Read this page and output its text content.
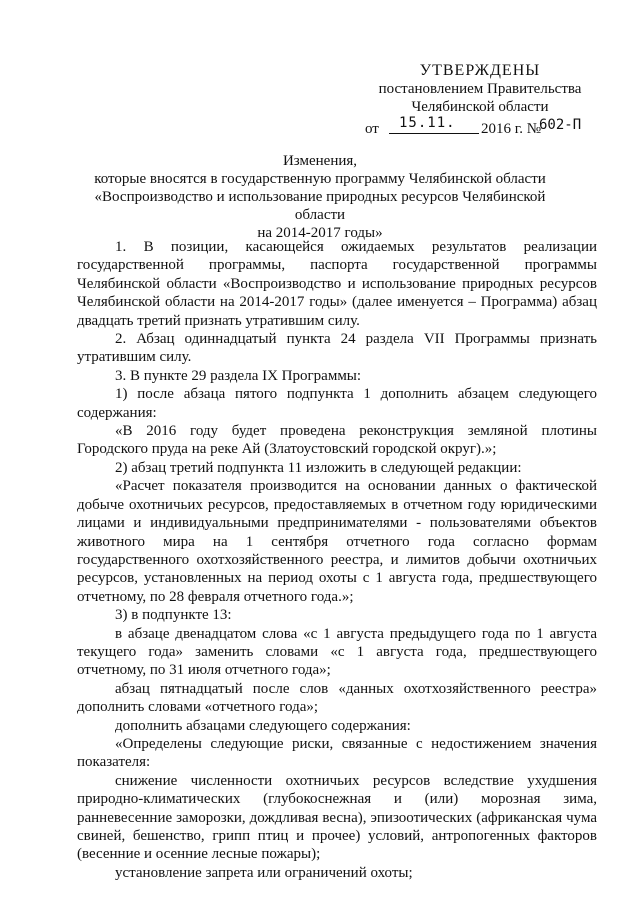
УТВЕРЖДЕНЫ
постановлением Правительства
Челябинской области
от 15.11. 2016 г. №
602-П
Изменения,
которые вносятся в государственную программу Челябинской области
«Воспроизводство и использование природных ресурсов Челябинской области
на 2014-2017 годы»

1. В позиции, касающейся ожидаемых результатов реализации государственной программы, паспорта государственной программы Челябинской области «Воспроизводство и использование природных ресурсов Челябинской области на 2014-2017 годы» (далее именуется – Программа) абзац двадцать третий признать утратившим силу.

2. Абзац одиннадцатый пункта 24 раздела VII Программы признать утратившим силу.

3. В пункте 29 раздела IX Программы:

1) после абзаца пятого подпункта 1 дополнить абзацем следующего содержания:

«В 2016 году будет проведена реконструкция земляной плотины Городского пруда на реке Ай (Златоустовский городской округ).»;

2) абзац третий подпункта 11 изложить в следующей редакции:

«Расчет показателя производится на основании данных о фактической добыче охотничьих ресурсов, предоставляемых в отчетном году юридическими лицами и индивидуальными предпринимателями - пользователями объектов животного мира на 1 сентября отчетного года согласно формам государственного охотхозяйственного реестра, и лимитов добычи охотничьих ресурсов, установленных на период охоты с 1 августа года, предшествующего отчетному, по 28 февраля отчетного года.»;

3) в подпункте 13:

в абзаце двенадцатом слова «с 1 августа предыдущего года по 1 августа текущего года» заменить словами «с 1 августа года, предшествующего отчетному, по 31 июля отчетного года»;

абзац пятнадцатый после слов «данных охотхозяйственного реестра» дополнить словами «отчетного года»;

дополнить абзацами следующего содержания:

«Определены следующие риски, связанные с недостижением значения показателя:

снижение численности охотничьих ресурсов вследствие ухудшения природно-климатических (глубокоснежная и (или) морозная зима, ранневесенние заморозки, дождливая весна), эпизоотических (африканская чума свиней, бешенство, грипп птиц и прочее) условий, антропогенных факторов (весенние и осенние лесные пожары);

установление запрета или ограничений охоты;
